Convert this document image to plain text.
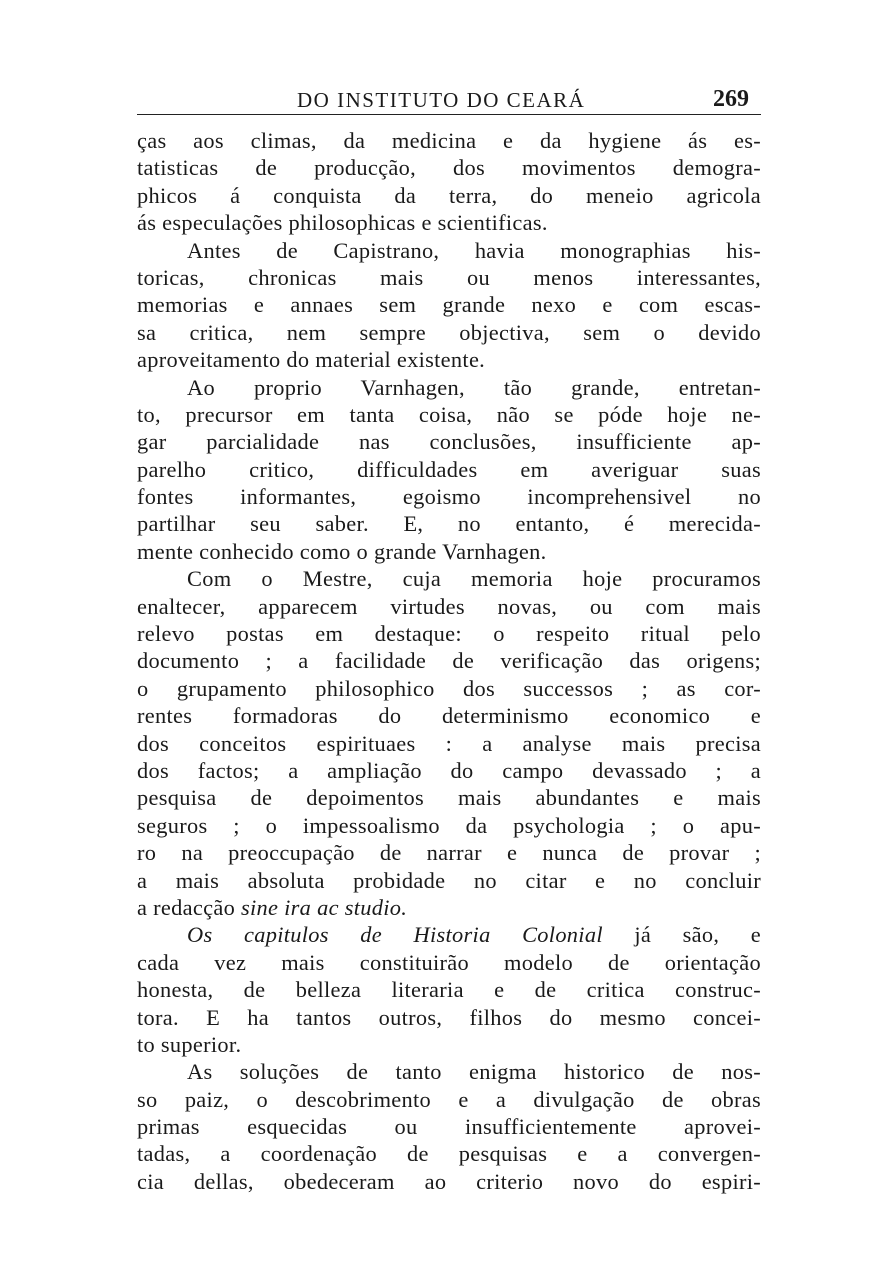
DO INSTITUTO DO CEARÁ	269
ças aos climas, da medicina e da hygiene ás es-
tatisticas de producção, dos movimentos demogra-
phicos á conquista da terra, do meneio agricola
ás especulações philosophicas e scientificas.
Antes de Capistrano, havia monographias his-
toricas, chronicas mais ou menos interessantes,
memorias e annaes sem grande nexo e com escas-
sa critica, nem sempre objectiva, sem o devido
aproveitamento do material existente.
Ao proprio Varnhagen, tão grande, entretan-
to, precursor em tanta coisa, não se póde hoje ne-
gar parcialidade nas conclusões, insufficiente ap-
parelho critico, difficuldades em averiguar suas
fontes informantes, egoismo incomprehensivel no
partilhar seu saber. E, no entanto, é merecida-
mente conhecido como o grande Varnhagen.
Com o Mestre, cuja memoria hoje procuramos
enaltecer, apparecem virtudes novas, ou com mais
relevo postas em destaque: o respeito ritual pelo
documento ; a facilidade de verificação das origens;
o grupamento philosophico dos successos ; as cor-
rentes formadoras do determinismo economico e
dos conceitos espirituaes : a analyse mais precisa
dos factos; a ampliação do campo devassado ; a
pesquisa de depoimentos mais abundantes e mais
seguros ; o impessoalismo da psychologia ; o apu-
ro na preoccupação de narrar e nunca de provar ;
a mais absoluta probidade no citar e no concluir
a redacção sine ira ac studio.
Os capitulos de Historia Colonial já são, e
cada vez mais constituirão modelo de orientação
honesta, de belleza literaria e de critica construc-
tora. E ha tantos outros, filhos do mesmo concei-
to superior.
As soluções de tanto enigma historico de nos-
so paiz, o descobrimento e a divulgação de obras
primas esquecidas ou insufficientemente aprovei-
tadas, a coordenação de pesquisas e a convergen-
cia dellas, obedeceram ao criterio novo do espiri-
